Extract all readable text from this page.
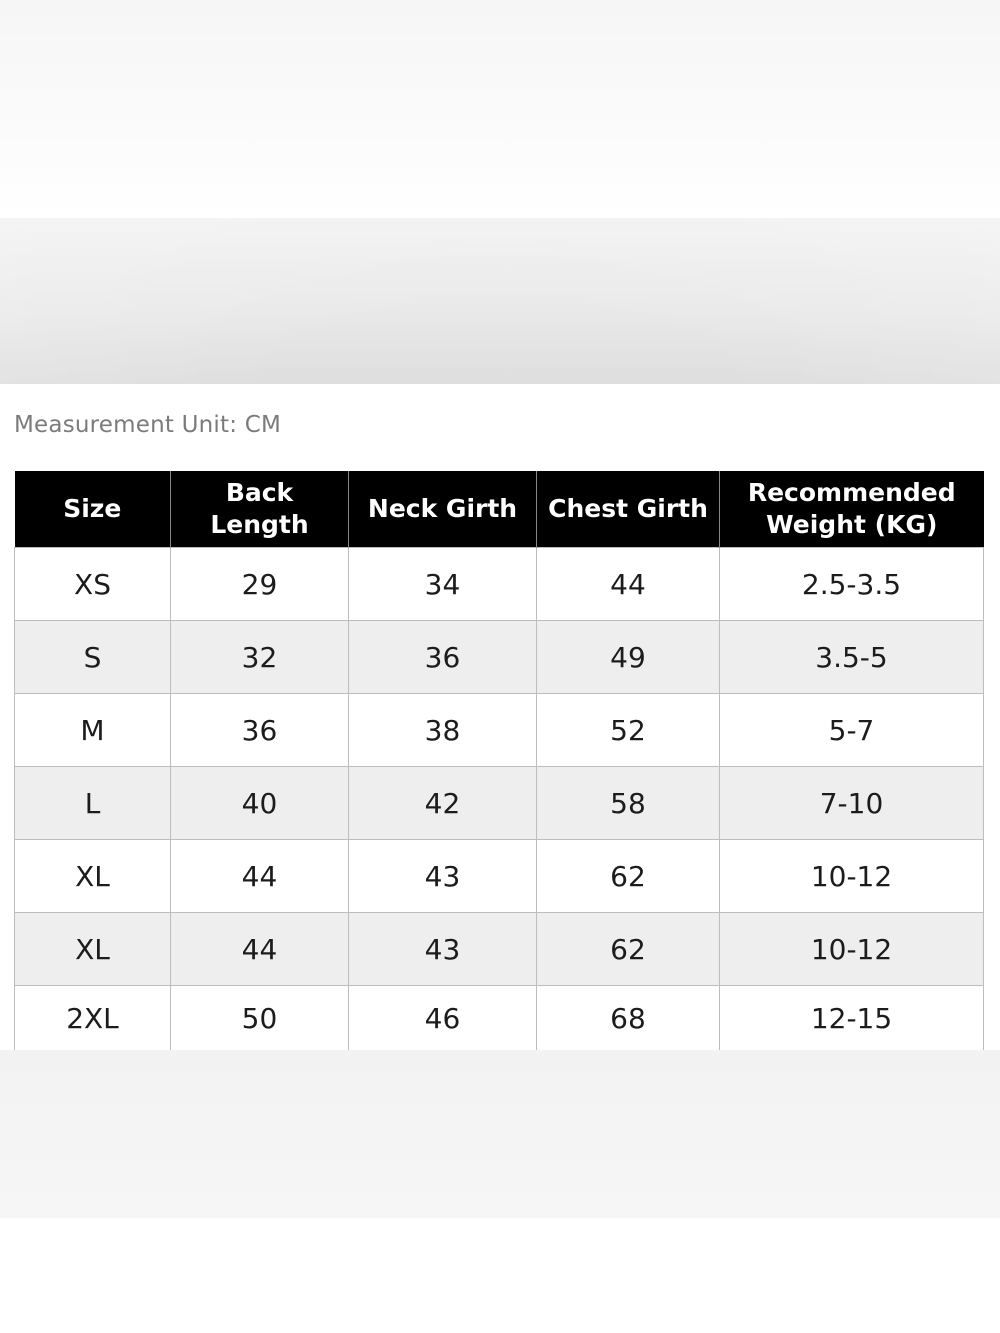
Measurement Unit: CM
Size	Back Length	Neck Girth	Chest Girth	Recommended
Weight (KG)
XS	29	34	44	2.5-3.5
S	32	36	49	3.5-5
M	36	38	52	5-7
L	40	42	58	7-10
XL	44	43	62	10-12
XL	44	43	62	10-12
2XL	50	46	68	12-15
